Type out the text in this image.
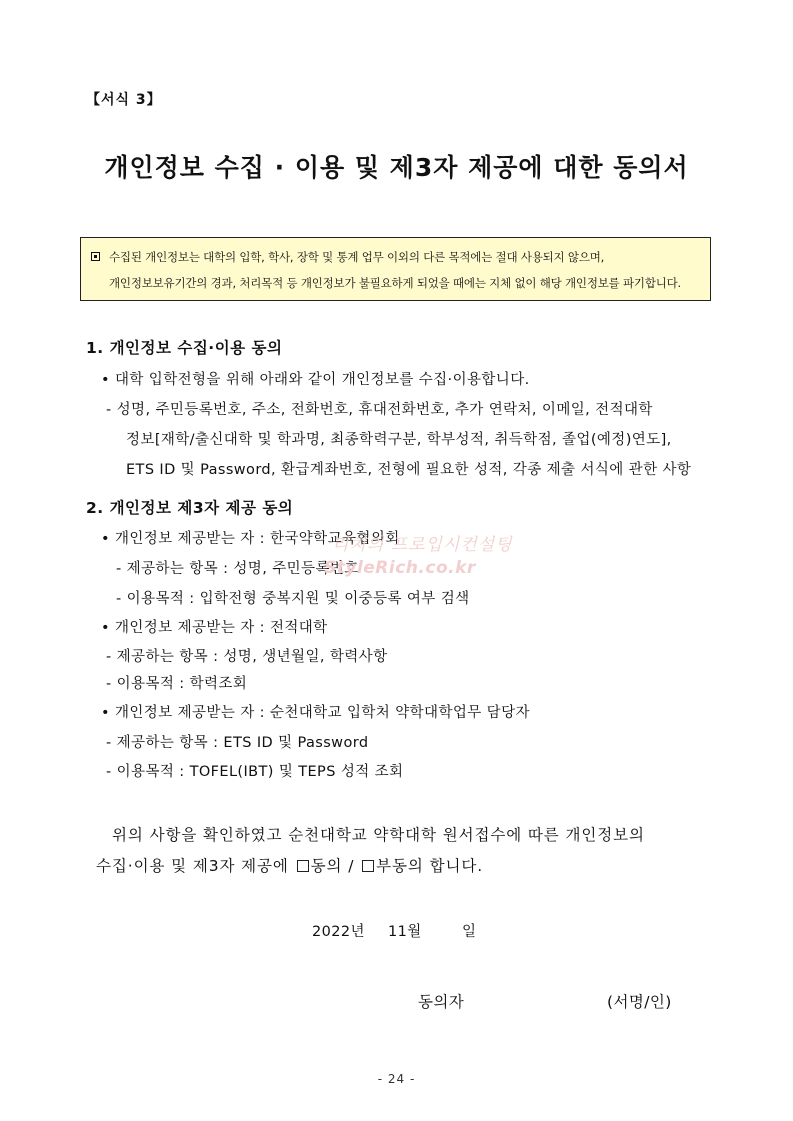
【서식 3】
개인정보 수집 · 이용 및 제3자 제공에 대한 동의서
수집된 개인정보는 대학의 입학, 학사, 장학 및 통계 업무 이외의 다른 목적에는 절대 사용되지 않으며,
개인정보보유기간의 경과, 처리목적 등 개인정보가 불필요하게 되었을 때에는 지체 없이 해당 개인정보를 파기합니다.
1. 개인정보 수집·이용 동의
• 대학 입학전형을 위해 아래와 같이 개인정보를 수집·이용합니다.
- 성명, 주민등록번호, 주소, 전화번호, 휴대전화번호, 추가 연락처, 이메일, 전적대학
정보[재학/출신대학 및 학과명, 최종학력구분, 학부성적, 취득학점, 졸업(예정)연도],
ETS ID 및 Password, 환급계좌번호, 전형에 필요한 성적, 각종 제출 서식에 관한 사항
2. 개인정보 제3자 제공 동의
• 개인정보 제공받는 자 : 한국약학교육협의회
- 제공하는 항목 : 성명, 주민등록번호
- 이용목적 : 입학전형 중복지원 및 이중등록 여부 검색
• 개인정보 제공받는 자 : 전적대학
- 제공하는 항목 : 성명, 생년월일, 학력사항
- 이용목적 : 학력조회
• 개인정보 제공받는 자 : 순천대학교 입학처 약학대학업무 담당자
- 제공하는 항목 : ETS ID 및 Password
- 이용목적 : TOFEL(IBT) 및 TEPS 성적 조회
리치의 프로입시컨설팅
StyleRich.co.kr
위의 사항을 확인하였고 순천대학교 약학대학 원서접수에 따른 개인정보의
수집·이용 및 제3자 제공에 동의 / 부동의 합니다.
2022년 11월	일
동의자	(서명/인)
- 24 -
